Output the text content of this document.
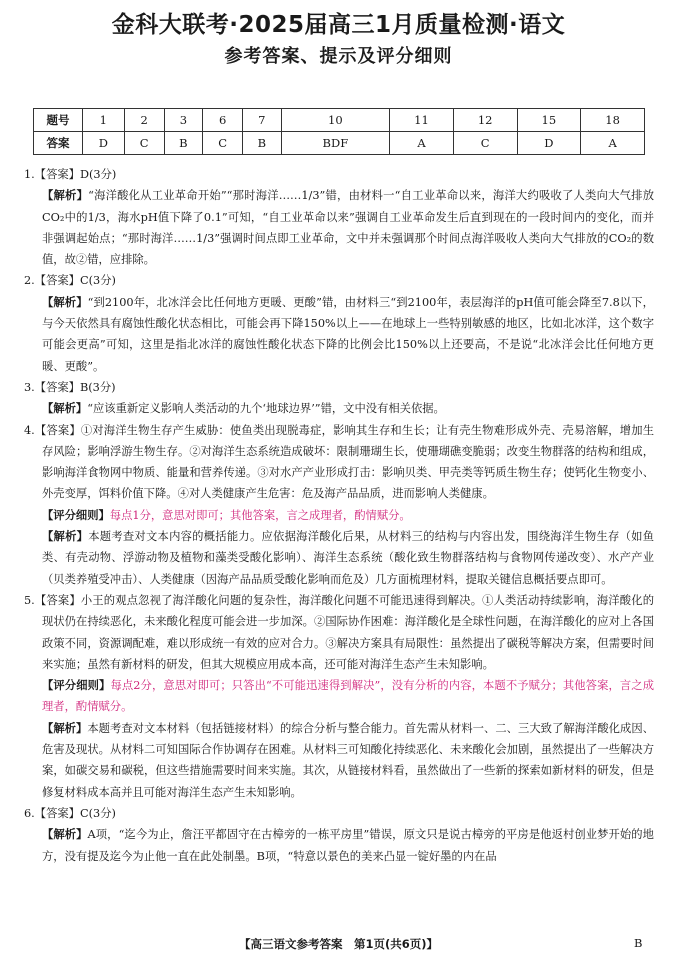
金科大联考·2025届高三1月质量检测·语文
参考答案、提示及评分细则
题号	1	2	3	6	7	10	11	12	15	18
答案	D	C	B	C	B	BDF	A	C	D	A

1.【答案】D(3分)

【解析】“海洋酸化从工业革命开始”“那时海洋……1/3”错，由材料一“自工业革命以来，海洋大约吸收了人类向大气排放CO₂中的1/3，海水pH值下降了0.1”可知，“自工业革命以来”强调自工业革命发生后直到现在的一段时间内的变化，而并非强调起始点；“那时海洋……1/3”强调时间点即工业革命，文中并未强调那个时间点海洋吸收人类向大气排放的CO₂的数值，故②错，应排除。

2.【答案】C(3分)

【解析】“到2100年，北冰洋会比任何地方更暖、更酸”错，由材料三“到2100年，表层海洋的pH值可能会降至7.8以下，与今天依然具有腐蚀性酸化状态相比，可能会再下降150%以上——在地球上一些特别敏感的地区，比如北冰洋，这个数字可能会更高”可知，这里是指北冰洋的腐蚀性酸化状态下降的比例会比150%以上还要高，不是说“北冰洋会比任何地方更暖、更酸”。

3.【答案】B(3分)

【解析】“应该重新定义影响人类活动的九个‘地球边界’”错，文中没有相关依据。

4.【答案】①对海洋生物生存产生威胁：使鱼类出现脱毒症，影响其生存和生长；让有壳生物难形成外壳、壳易溶解，增加生存风险；影响浮游生物生存。②对海洋生态系统造成破坏：限制珊瑚生长，使珊瑚礁变脆弱；改变生物群落的结构和组成，影响海洋食物网中物质、能量和营养传递。③对水产产业形成打击：影响贝类、甲壳类等钙质生物生存；使钙化生物变小、外壳变厚，饵料价值下降。④对人类健康产生危害：危及海产品品质，进而影响人类健康。

【评分细则】每点1分，意思对即可；其他答案，言之成理者，酌情赋分。

【解析】本题考查对文本内容的概括能力。应依据海洋酸化后果，从材料三的结构与内容出发，围绕海洋生物生存（如鱼类、有壳动物、浮游动物及植物和藻类受酸化影响）、海洋生态系统（酸化致生物群落结构与食物网传递改变）、水产产业（贝类养殖受冲击）、人类健康（因海产品品质受酸化影响而危及）几方面梳理材料，提取关键信息概括要点即可。

5.【答案】小王的观点忽视了海洋酸化问题的复杂性，海洋酸化问题不可能迅速得到解决。①人类活动持续影响，海洋酸化的现状仍在持续恶化，未来酸化程度可能会进一步加深。②国际协作困难：海洋酸化是全球性问题，在海洋酸化的应对上各国政策不同，资源调配难，难以形成统一有效的应对合力。③解决方案具有局限性：虽然提出了碳税等解决方案，但需要时间来实施；虽然有新材料的研发，但其大规模应用成本高，还可能对海洋生态产生未知影响。

【评分细则】每点2分，意思对即可；只答出“不可能迅速得到解决”，没有分析的内容，本题不予赋分；其他答案，言之成理者，酌情赋分。

【解析】本题考查对文本材料（包括链接材料）的综合分析与整合能力。首先需从材料一、二、三大致了解海洋酸化成因、危害及现状。从材料二可知国际合作协调存在困难。从材料三可知酸化持续恶化、未来酸化会加剧，虽然提出了一些解决方案，如碳交易和碳税，但这些措施需要时间来实施。其次，从链接材料看，虽然做出了一些新的探索如新材料的研发，但是修复材料成本高并且可能对海洋生态产生未知影响。

6.【答案】C(3分)

【解析】A项，“迄今为止，詹汪平都固守在古樟旁的一栋平房里”错误，原文只是说古樟旁的平房是他返村创业梦开始的地方，没有提及迄今为止他一直在此处制墨。B项，“特意以景色的美来凸显一锭好墨的内在品

【高三语文参考答案　第1页(共6页)】	B
